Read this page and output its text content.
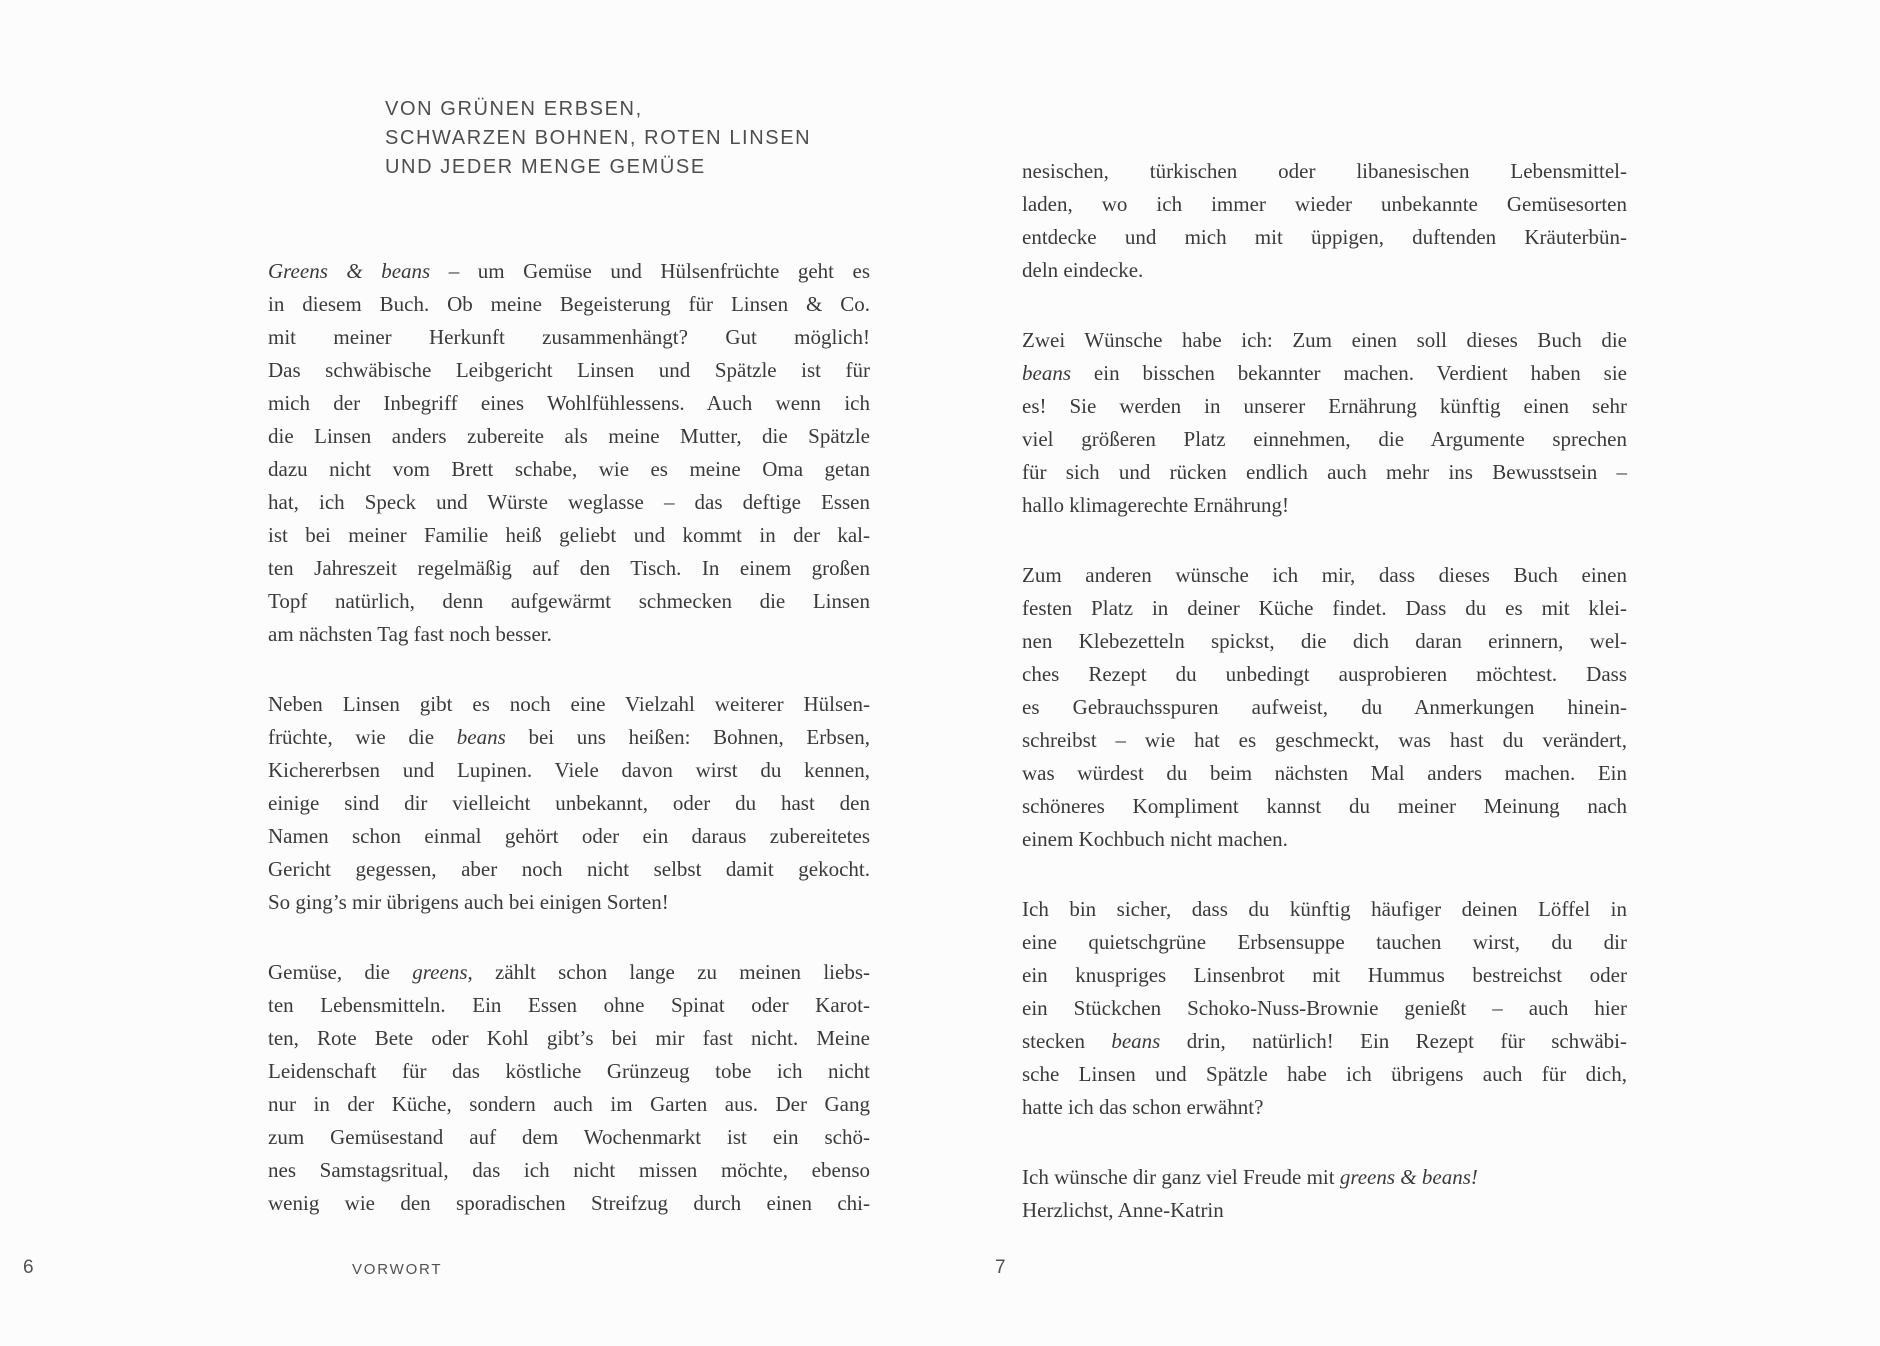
VON GRÜNEN ERBSEN,
SCHWARZEN BOHNEN, ROTEN LINSEN
UND JEDER MENGE GEMÜSE
Greens & beans – um Gemüse und Hülsenfrüchte geht es
in diesem Buch. Ob meine Begeisterung für Linsen & Co.
mit meiner Herkunft zusammenhängt? Gut möglich!
Das schwäbische Leibgericht Linsen und Spätzle ist für
mich der Inbegriff eines Wohlfühlessens. Auch wenn ich
die Linsen anders zubereite als meine Mutter, die Spätzle
dazu nicht vom Brett schabe, wie es meine Oma getan
hat, ich Speck und Würste weglasse – das deftige Essen
ist bei meiner Familie heiß geliebt und kommt in der kal-
ten Jahreszeit regelmäßig auf den Tisch. In einem großen
Topf natürlich, denn aufgewärmt schmecken die Linsen
am nächsten Tag fast noch besser.
Neben Linsen gibt es noch eine Vielzahl weiterer Hülsen-
früchte, wie die beans bei uns heißen: Bohnen, Erbsen,
Kichererbsen und Lupinen. Viele davon wirst du kennen,
einige sind dir vielleicht unbekannt, oder du hast den
Namen schon einmal gehört oder ein daraus zubereitetes
Gericht gegessen, aber noch nicht selbst damit gekocht.
So ging’s mir übrigens auch bei einigen Sorten!
Gemüse, die greens, zählt schon lange zu meinen liebs-
ten Lebensmitteln. Ein Essen ohne Spinat oder Karot-
ten, Rote Bete oder Kohl gibt’s bei mir fast nicht. Meine
Leidenschaft für das köstliche Grünzeug tobe ich nicht
nur in der Küche, sondern auch im Garten aus. Der Gang
zum Gemüsestand auf dem Wochenmarkt ist ein schö-
nes Samstagsritual, das ich nicht missen möchte, ebenso
wenig wie den sporadischen Streifzug durch einen chi-
nesischen, türkischen oder libanesischen Lebensmittel-
laden, wo ich immer wieder unbekannte Gemüsesorten
entdecke und mich mit üppigen, duftenden Kräuterbün-
deln eindecke.
Zwei Wünsche habe ich: Zum einen soll dieses Buch die
beans ein bisschen bekannter machen. Verdient haben sie
es! Sie werden in unserer Ernährung künftig einen sehr
viel größeren Platz einnehmen, die Argumente sprechen
für sich und rücken endlich auch mehr ins Bewusstsein –
hallo klimagerechte Ernährung!
Zum anderen wünsche ich mir, dass dieses Buch einen
festen Platz in deiner Küche findet. Dass du es mit klei-
nen Klebezetteln spickst, die dich daran erinnern, wel-
ches Rezept du unbedingt ausprobieren möchtest. Dass
es Gebrauchsspuren aufweist, du Anmerkungen hinein-
schreibst – wie hat es geschmeckt, was hast du verändert,
was würdest du beim nächsten Mal anders machen. Ein
schöneres Kompliment kannst du meiner Meinung nach
einem Kochbuch nicht machen.
Ich bin sicher, dass du künftig häufiger deinen Löffel in
eine quietschgrüne Erbsensuppe tauchen wirst, du dir
ein knuspriges Linsenbrot mit Hummus bestreichst oder
ein Stückchen Schoko-Nuss-Brownie genießt – auch hier
stecken beans drin, natürlich! Ein Rezept für schwäbi-
sche Linsen und Spätzle habe ich übrigens auch für dich,
hatte ich das schon erwähnt?
Ich wünsche dir ganz viel Freude mit greens & beans!
Herzlichst, Anne-Katrin
6	VORWORT	7
